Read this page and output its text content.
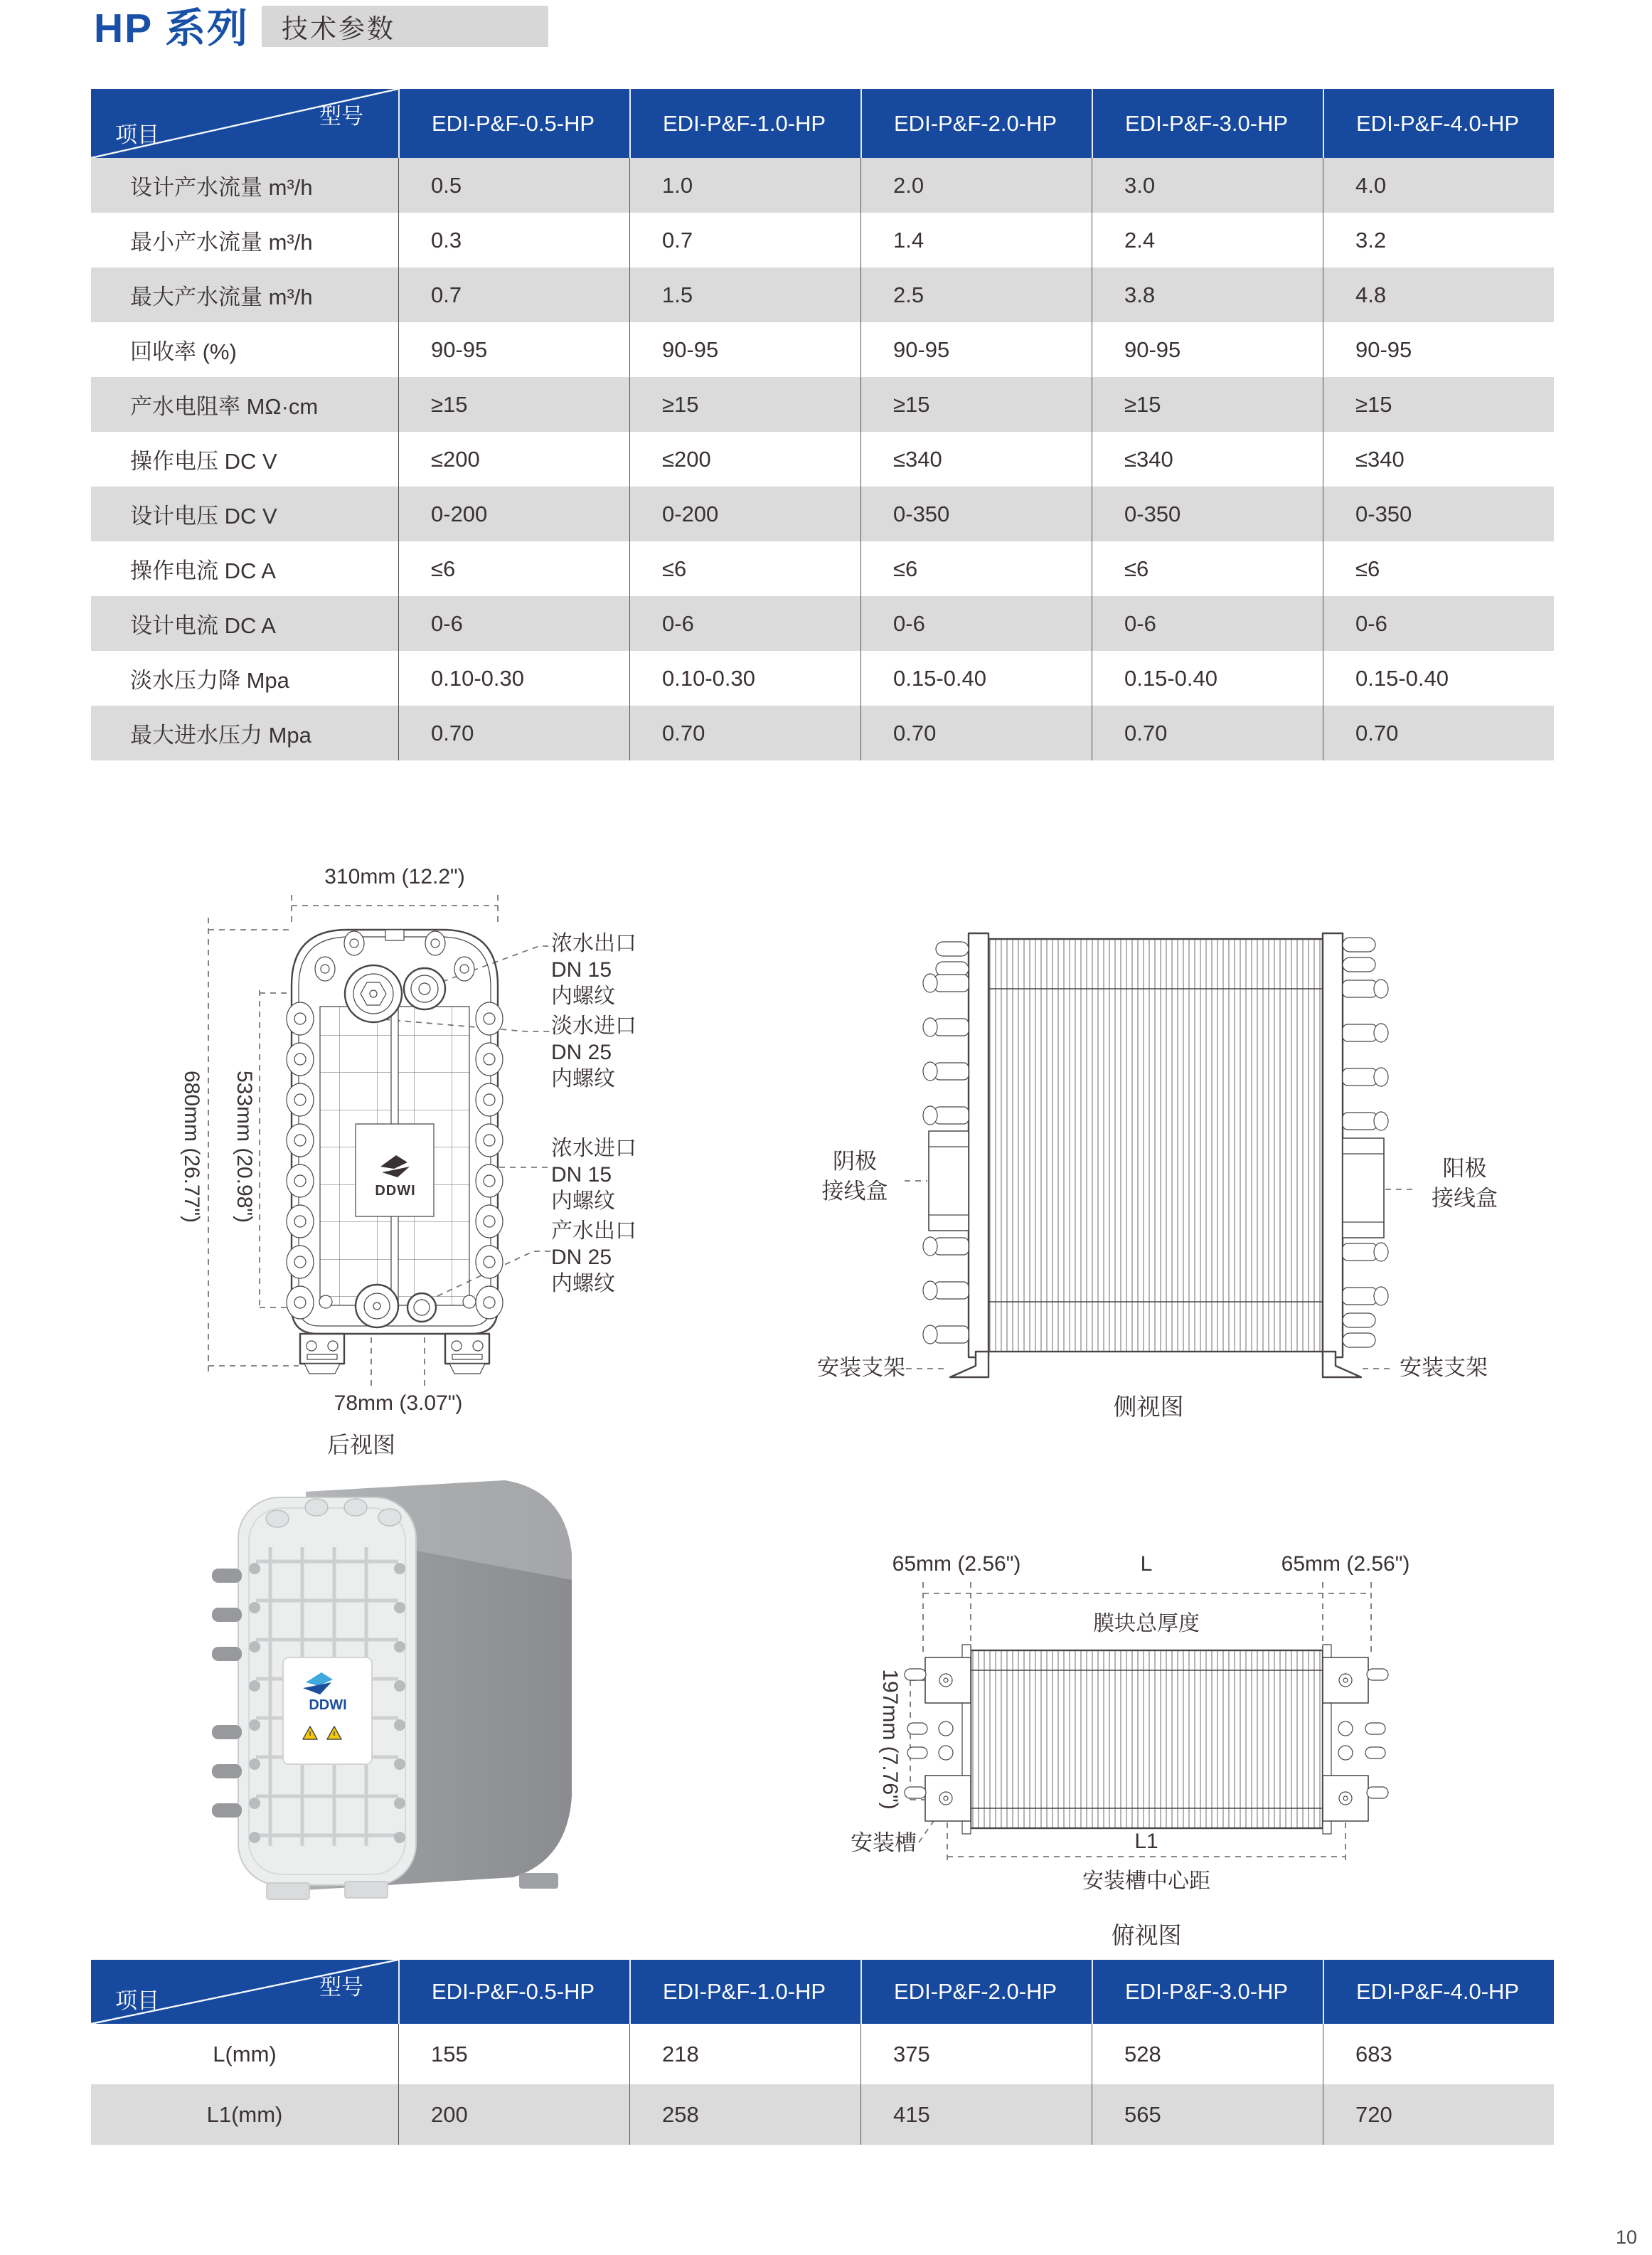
HP 系列 技术参数
型号
项目	EDI-P&F-0.5-HP	EDI-P&F-1.0-HP	EDI-P&F-2.0-HP	EDI-P&F-3.0-HP	EDI-P&F-4.0-HP
设计产水流量 m³/h	0.5	1.0	2.0	3.0	4.0
最小产水流量 m³/h	0.3	0.7	1.4	2.4	3.2
最大产水流量 m³/h	0.7	1.5	2.5	3.8	4.8
回收率 (%)	90-95	90-95	90-95	90-95	90-95
产水电阻率 MΩ·cm	≥15	≥15	≥15	≥15	≥15
操作电压 DC V	≤200	≤200	≤340	≤340	≤340
设计电压 DC V	0-200	0-200	0-350	0-350	0-350
操作电流 DC A	≤6	≤6	≤6	≤6	≤6
设计电流 DC A	0-6	0-6	0-6	0-6	0-6
淡水压力降 Mpa	0.10-0.30	0.10-0.30	0.15-0.40	0.15-0.40	0.15-0.40
最大进水压力 Mpa	0.70	0.70	0.70	0.70	0.70
310mm (12.2")
680mm (26.77") 533mm (20.98")
78mm (3.07")
后视图
DDWI
浓水出口
DN 15
内螺纹
淡水进口
DN 25
内螺纹
浓水进口
DN 15
内螺纹
产水出口
DN 25
内螺纹
阴极
接线盒
阳极
接线盒
安装支架	安装支架
侧视图
DDWI
65mm (2.56")	L	65mm (2.56")
膜块总厚度
197mm (7.76")
L1
安装槽中心距
安装槽
俯视图
型号
项目	EDI-P&F-0.5-HP	EDI-P&F-1.0-HP	EDI-P&F-2.0-HP	EDI-P&F-3.0-HP	EDI-P&F-4.0-HP
L(mm)	155	218	375	528	683
L1(mm)	200	258	415	565	720
10
